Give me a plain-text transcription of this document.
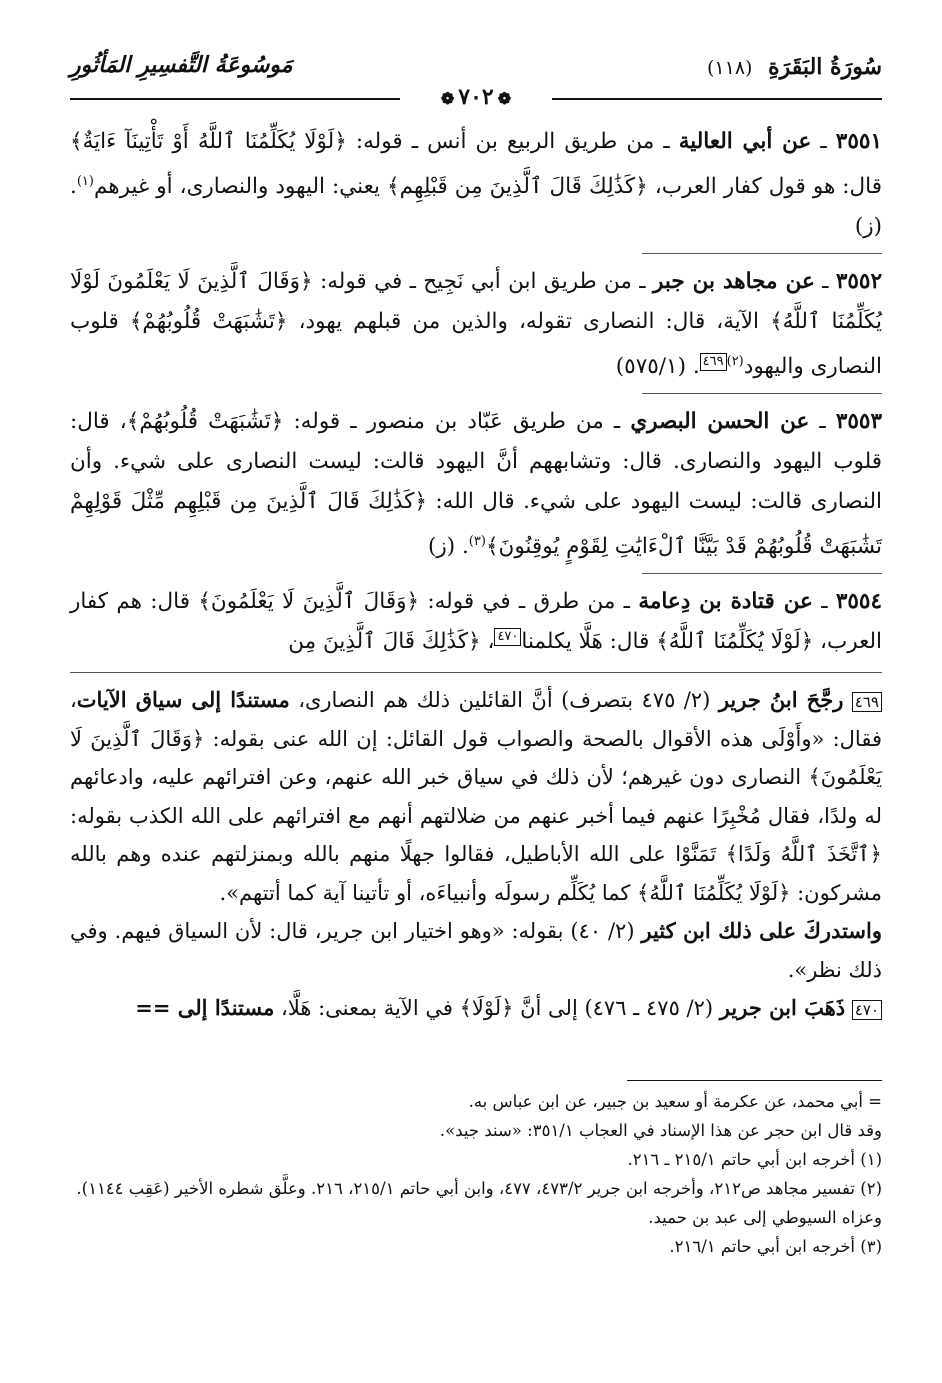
سُورَةُ البَقَرَةِ (١١٨)
مَوسُوعَةُ التَّفسِيرِ المَأثُورِ
❁٧٠٢❁

٣٥٥١ ـ عن أبي العالية ـ من طريق الربيع بن أنس ـ قوله: ﴿لَوْلَا يُكَلِّمُنَا ٱللَّهُ أَوْ تَأْتِينَآ ءَايَةٌ﴾ قال: هو قول كفار العرب، ﴿كَذَٰلِكَ قَالَ ٱلَّذِينَ مِن قَبْلِهِم﴾ يعني: اليهود والنصارى، أو غيرهم$^{(١)}$. (ز)

٣٥٥٢ ـ عن مجاهد بن جبر ـ من طريق ابن أبي نَجِيح ـ في قوله: ﴿وَقَالَ ٱلَّذِينَ لَا يَعْلَمُونَ لَوْلَا يُكَلِّمُنَا ٱللَّهُ﴾ الآية، قال: النصارى تقوله، والذين من قبلهم يهود، ﴿تَشَٰبَهَتْ قُلُوبُهُمْ﴾ قلوب النصارى واليهود$^{(٢)}$٤٦٩. (٥٧٥/١)

٣٥٥٣ ـ عن الحسن البصري ـ من طريق عَبّاد بن منصور ـ قوله: ﴿تَشَٰبَهَتْ قُلُوبُهُمْ﴾، قال: قلوب اليهود والنصارى. قال: وتشابههم أنَّ اليهود قالت: ليست النصارى على شيء. وأن النصارى قالت: ليست اليهود على شيء. قال الله: ﴿كَذَٰلِكَ قَالَ ٱلَّذِينَ مِن قَبْلِهِم مِّثْلَ قَوْلِهِمْ تَشَٰبَهَتْ قُلُوبُهُمْ قَدْ بَيَّنَّا ٱلْءَايَٰتِ لِقَوْمٍ يُوقِنُونَ﴾$^{(٣)}$. (ز)

٣٥٥٤ ـ عن قتادة بن دِعامة ـ من طرق ـ في قوله: ﴿وَقَالَ ٱلَّذِينَ لَا يَعْلَمُونَ﴾ قال: هم كفار العرب، ﴿لَوْلَا يُكَلِّمُنَا ٱللَّهُ﴾ قال: هَلَّا يكلمنا٤٧٠، ﴿كَذَٰلِكَ قَالَ ٱلَّذِينَ مِن

٤٦٩ رجَّحَ ابنُ جرير (٢/ ٤٧٥ بتصرف) أنَّ القائلين ذلك هم النصارى، مستندًا إلى سياق الآيات، فقال: «وأَوْلَى هذه الأقوال بالصحة والصواب قول القائل: إن الله عنى بقوله: ﴿وَقَالَ ٱلَّذِينَ لَا يَعْلَمُونَ﴾ النصارى دون غيرهم؛ لأن ذلك في سياق خبر الله عنهم، وعن افترائهم عليه، وادعائهم له ولدًا، فقال مُخْبِرًا عنهم فيما أخبر عنهم من ضلالتهم أنهم مع افترائهم على الله الكذب بقوله: ﴿ٱتَّخَذَ ٱللَّهُ وَلَدًا﴾ تَمَنَّوْا على الله الأباطيل، فقالوا جهلًا منهم بالله وبمنزلتهم عنده وهم بالله مشركون: ﴿لَوْلَا يُكَلِّمُنَا ٱللَّهُ﴾ كما يُكَلِّم رسولَه وأنبياءَه، أو تأتينا آية كما أتتهم».

واستدركَ على ذلك ابن كثير (٢/ ٤٠) بقوله: «وهو اختيار ابن جرير، قال: لأن السياق فيهم. وفي ذلك نظر».

٤٧٠ ذَهَبَ ابن جرير (٢/ ٤٧٥ ـ ٤٧٦) إلى أنَّ ﴿لَوْلَا﴾ في الآية بمعنى: هَلَّا، مستندًا إلى ==

= أبي محمد، عن عكرمة أو سعيد بن جبير، عن ابن عباس به.
وقد قال ابن حجر عن هذا الإسناد في العجاب ٣٥١/١: «سند جيد».
(١) أخرجه ابن أبي حاتم ٢١٥/١ ـ ٢١٦.
(٢) تفسير مجاهد ص٢١٢، وأخرجه ابن جرير ٤٧٣/٢، ٤٧٧، وابن أبي حاتم ٢١٥/١، ٢١٦. وعلَّق شطره الأخير (عَقِب ١١٤٤). وعزاه السيوطي إلى عبد بن حميد.
(٣) أخرجه ابن أبي حاتم ٢١٦/١.
